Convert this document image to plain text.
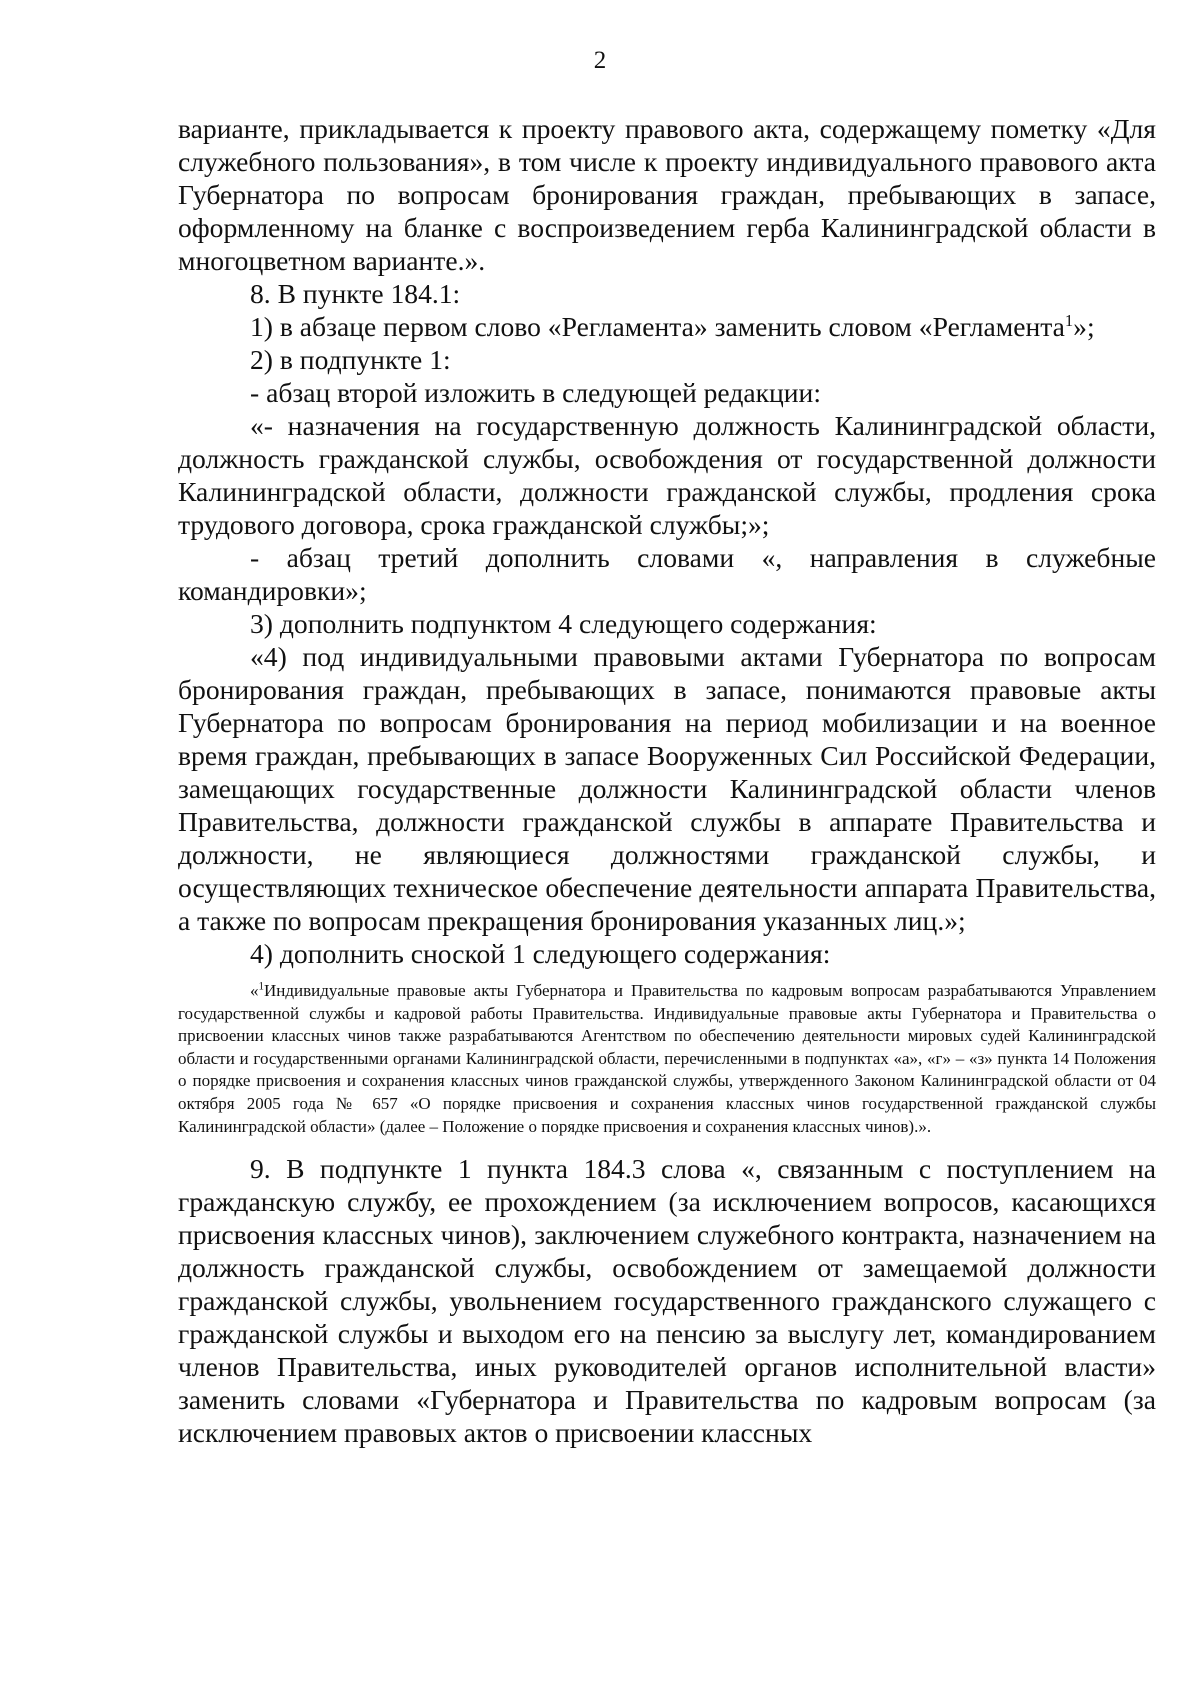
2

варианте, прикладывается к проекту правового акта, содержащему пометку «Для служебного пользования», в том числе к проекту индивидуального правового акта Губернатора по вопросам бронирования граждан, пребывающих в запасе, оформленному на бланке с воспроизведением герба Калининградской области в многоцветном варианте.».

8. В пункте 184.1:

1) в абзаце первом слово «Регламента» заменить словом «Регламента$^1$»;

2) в подпункте 1:

- абзац второй изложить в следующей редакции:

«- назначения на государственную должность Калининградской области, должность гражданской службы, освобождения от государственной должности Калининградской области, должности гражданской службы, продления срока трудового договора, срока гражданской службы;»;

- абзац третий дополнить словами «, направления в служебные командировки»;

3) дополнить подпунктом 4 следующего содержания:

«4) под индивидуальными правовыми актами Губернатора по вопросам бронирования граждан, пребывающих в запасе, понимаются правовые акты Губернатора по вопросам бронирования на период мобилизации и на военное время граждан, пребывающих в запасе Вооруженных Сил Российской Федерации, замещающих государственные должности Калининградской области членов Правительства, должности гражданской службы в аппарате Правительства и должности, не являющиеся должностями гражданской службы, и осуществляющих техническое обеспечение деятельности аппарата Правительства, а также по вопросам прекращения бронирования указанных лиц.»;

4) дополнить сноской 1 следующего содержания:

«$^1$Индивидуальные правовые акты Губернатора и Правительства по кадровым вопросам разрабатываются Управлением государственной службы и кадровой работы Правительства. Индивидуальные правовые акты Губернатора и Правительства о присвоении классных чинов также разрабатываются Агентством по обеспечению деятельности мировых судей Калининградской области и государственными органами Калининградской области, перечисленными в подпунктах «а», «г» – «з» пункта 14 Положения о порядке присвоения и сохранения классных чинов гражданской службы, утвержденного Законом Калининградской области от 04 октября 2005 года № 657 «О порядке присвоения и сохранения классных чинов государственной гражданской службы Калининградской области» (далее – Положение о порядке присвоения и сохранения классных чинов).».

9. В подпункте 1 пункта 184.3 слова «, связанным с поступлением на гражданскую службу, ее прохождением (за исключением вопросов, касающихся присвоения классных чинов), заключением служебного контракта, назначением на должность гражданской службы, освобождением от замещаемой должности гражданской службы, увольнением государственного гражданского служащего с гражданской службы и выходом его на пенсию за выслугу лет, командированием членов Правительства, иных руководителей органов исполнительной власти» заменить словами «Губернатора и Правительства по кадровым вопросам (за исключением правовых актов о присвоении классных
